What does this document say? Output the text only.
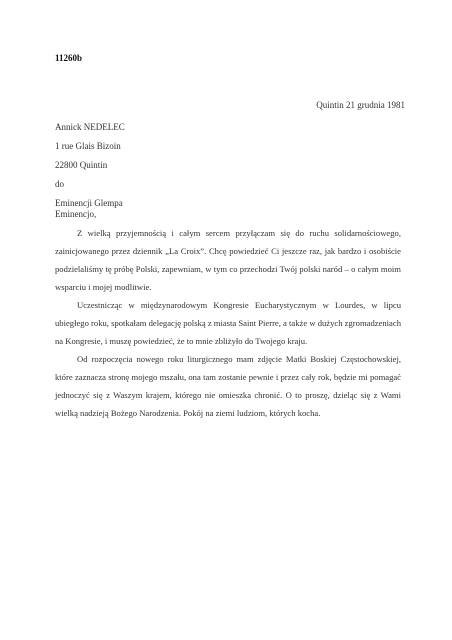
11260b
Quintin 21 grudnia 1981
Annick NEDELEC
1 rue Glais Bizoin
22800 Quintin
do
Eminencji Glempa
Eminencjo,

Z wielką przyjemnością i całym sercem przyłączam się do ruchu solidarnościowego, zainicjowanego przez dziennik „La Croix”. Chcę powiedzieć Ci jeszcze raz, jak bardzo i osobiście podzielaliśmy tę próbę Polski, zapewniam, w tym co przechodzi Twój polski naród – o całym moim wsparciu i mojej modlitwie.

Uczestnicząc w międzynarodowym Kongresie Eucharystycznym w Lourdes, w lipcu ubiegłego roku, spotkałam delegację polską z miasta Saint Pierre, a także w dużych zgromadzeniach na Kongresie, i muszę powiedzieć, że to mnie zbliżyło do Twojego kraju.

Od rozpoczęcia nowego roku liturgicznego mam zdjęcie Matki Boskiej Częstochowskiej, które zaznacza stronę mojego mszału, ona tam zostanie pewnie i przez cały rok, będzie mi pomagać jednoczyć się z Waszym krajem, którego nie omieszka chronić. O to proszę, dzieląc się z Wami wielką nadzieją Bożego Narodzenia. Pokój na ziemi ludziom, których kocha.
